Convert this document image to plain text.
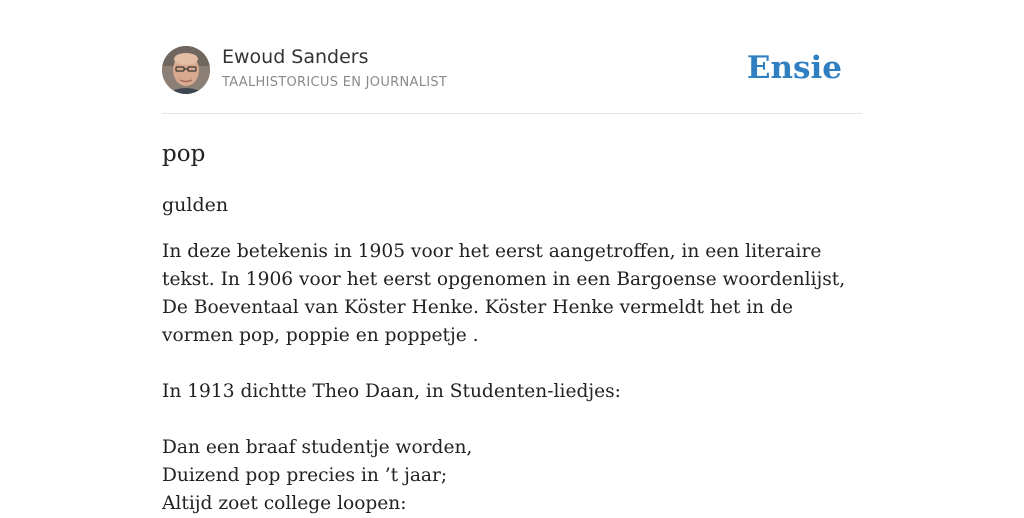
Ewoud Sanders
TAALHISTORICUS EN JOURNALIST	Ensie
pop
gulden
In deze betekenis in 1905 voor het eerst aangetroffen, in een literaire tekst. In 1906 voor het eerst opgenomen in een Bargoense woordenlijst, De Boeventaal van Köster Henke. Köster Henke vermeldt het in de vormen pop, poppie en poppetje .

In 1913 dichtte Theo Daan, in Studenten-liedjes:

Dan een braaf studentje worden,
Duizend pop precies in ’t jaar;
Altijd zoet college loopen:
